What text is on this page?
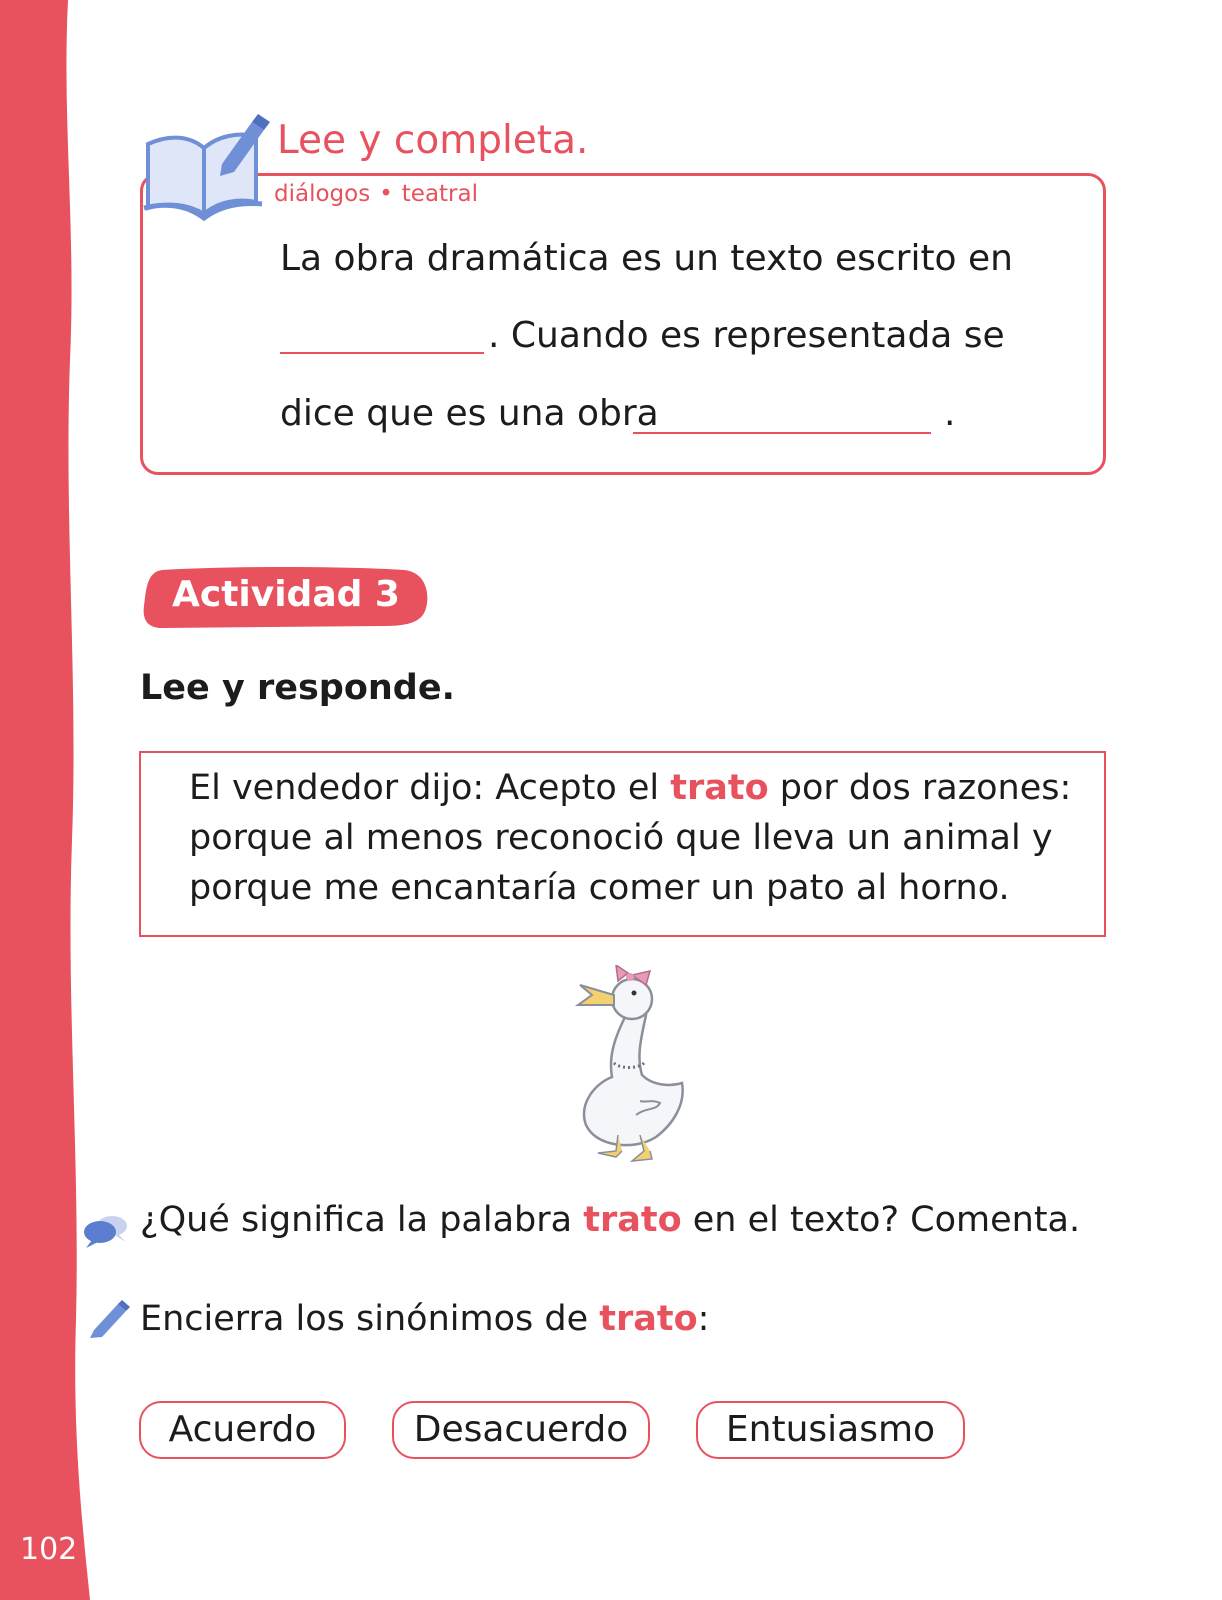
102
Lee y completa.
diálogos • teatral
La obra dramática es un texto escrito en
. Cuando es representada se
dice que es una obra	.
Actividad 3
Lee y responde.
El vendedor dijo: Acepto el trato por dos razones:
porque al menos reconoció que lleva un animal y
porque me encantaría comer un pato al horno.
¿Qué significa la palabra trato en el texto? Comenta.
Encierra los sinónimos de trato:
Acuerdo	Desacuerdo	Entusiasmo
